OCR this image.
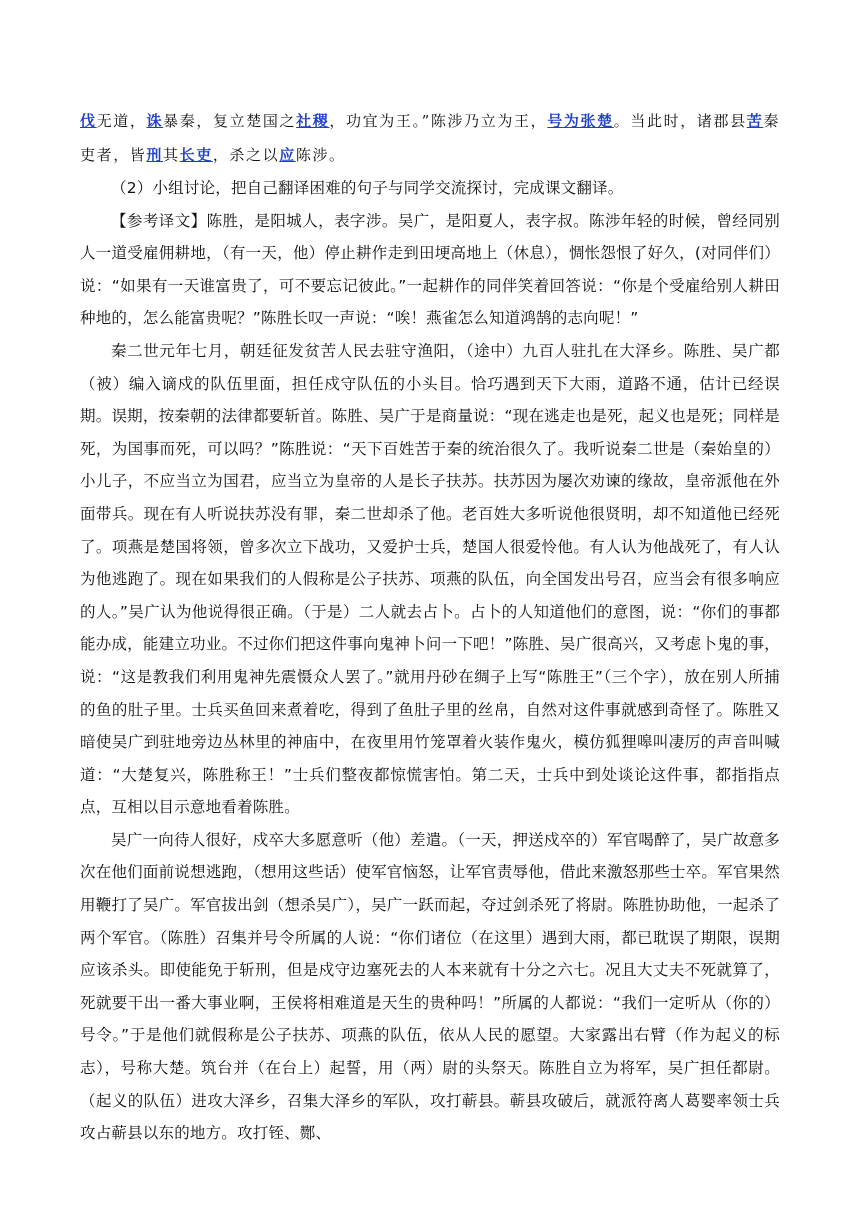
伐无道，诛暴秦，复立楚国之社稷，功宜为王。”陈涉乃立为王，号为张楚。当此时，诸郡县苦秦吏者，皆刑其长吏，杀之以应陈涉。

（2）小组讨论，把自己翻译困难的句子与同学交流探讨，完成课文翻译。

【参考译文】陈胜，是阳城人，表字涉。吴广，是阳夏人，表字叔。陈涉年轻的时候，曾经同别人一道受雇佣耕地，（有一天，他）停止耕作走到田埂高地上（休息），惆怅怨恨了好久，(对同伴们）说：“如果有一天谁富贵了，可不要忘记彼此。”一起耕作的同伴笑着回答说：“你是个受雇给别人耕田种地的，怎么能富贵呢？”陈胜长叹一声说：“唉！燕雀怎么知道鸿鹄的志向呢！”

秦二世元年七月，朝廷征发贫苦人民去驻守渔阳，（途中）九百人驻扎在大泽乡。陈胜、吴广都（被）编入谪戍的队伍里面，担任戍守队伍的小头目。恰巧遇到天下大雨，道路不通，估计已经误期。误期，按秦朝的法律都要斩首。陈胜、吴广于是商量说：“现在逃走也是死，起义也是死；同样是死，为国事而死，可以吗？”陈胜说：“天下百姓苦于秦的统治很久了。我听说秦二世是（秦始皇的）小儿子，不应当立为国君，应当立为皇帝的人是长子扶苏。扶苏因为屡次劝谏的缘故，皇帝派他在外面带兵。现在有人听说扶苏没有罪，秦二世却杀了他。老百姓大多听说他很贤明，却不知道他已经死了。项燕是楚国将领，曾多次立下战功，又爱护士兵，楚国人很爱怜他。有人认为他战死了，有人认为他逃跑了。现在如果我们的人假称是公子扶苏、项燕的队伍，向全国发出号召，应当会有很多响应的人。”吴广认为他说得很正确。（于是）二人就去占卜。占卜的人知道他们的意图，说：“你们的事都能办成，能建立功业。不过你们把这件事向鬼神卜问一下吧！”陈胜、吴广很高兴，又考虑卜鬼的事，说：“这是教我们利用鬼神先震慑众人罢了。”就用丹砂在绸子上写“陈胜王”（三个字），放在别人所捕的鱼的肚子里。士兵买鱼回来煮着吃，得到了鱼肚子里的丝帛，自然对这件事就感到奇怪了。陈胜又暗使吴广到驻地旁边丛林里的神庙中，在夜里用竹笼罩着火装作鬼火，模仿狐狸嗥叫凄厉的声音叫喊道：“大楚复兴，陈胜称王！”士兵们整夜都惊慌害怕。第二天，士兵中到处谈论这件事，都指指点点，互相以目示意地看着陈胜。

吴广一向待人很好，戍卒大多愿意听（他）差遣。（一天，押送戍卒的）军官喝醉了，吴广故意多次在他们面前说想逃跑，（想用这些话）使军官恼怒，让军官责辱他，借此来激怒那些士卒。军官果然用鞭打了吴广。军官拔出剑（想杀吴广），吴广一跃而起，夺过剑杀死了将尉。陈胜协助他，一起杀了两个军官。（陈胜）召集并号令所属的人说：“你们诸位（在这里）遇到大雨，都已耽误了期限，误期应该杀头。即使能免于斩刑，但是戍守边塞死去的人本来就有十分之六七。况且大丈夫不死就算了，死就要干出一番大事业啊，王侯将相难道是天生的贵种吗！”所属的人都说：“我们一定听从（你的）号令。”于是他们就假称是公子扶苏、项燕的队伍，依从人民的愿望。大家露出右臂（作为起义的标志），号称大楚。筑台并（在台上）起誓，用（两）尉的头祭天。陈胜自立为将军，吴广担任都尉。（起义的队伍）进攻大泽乡，召集大泽乡的军队，攻打蕲县。蕲县攻破后，就派符离人葛婴率领士兵攻占蕲县以东的地方。攻打铚、酂、
